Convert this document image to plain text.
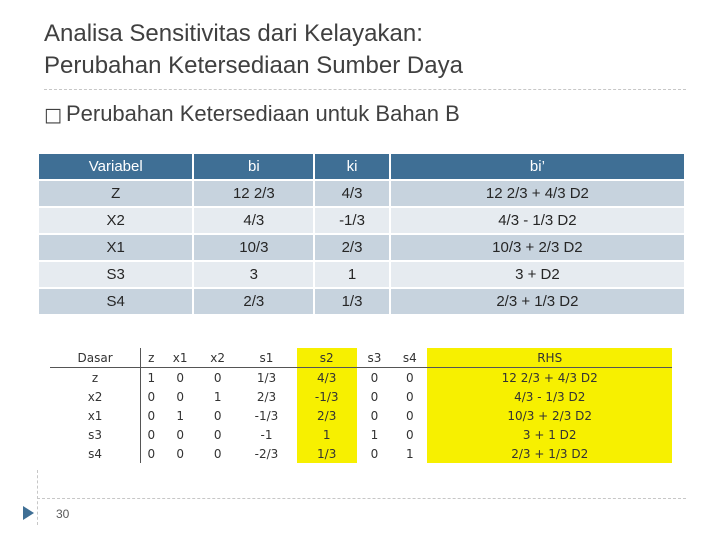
Analisa Sensitivitas dari Kelayakan:
Perubahan Ketersediaan Sumber Daya
□ Perubahan Ketersediaan untuk Bahan B
Variabel	bi	ki	bi’
Z	12 2/3	4/3	12 2/3 + 4/3 D2
X2	4/3	-1/3	4/3 - 1/3 D2
X1	10/3	2/3	10/3 + 2/3 D2
S3	3	1	3 + D2
S4	2/3	1/3	2/3 + 1/3 D2
Dasar	z	x1	x2	s1	s2	s3	s4	RHS
z	1	0	0	1/3	4/3	0	0	12 2/3 + 4/3 D2
x2	0	0	1	2/3	-1/3	0	0	4/3 - 1/3 D2
x1	0	1	0	-1/3	2/3	0	0	10/3 + 2/3 D2
s3	0	0	0	-1	1	1	0	3 + 1 D2
s4	0	0	0	-2/3	1/3	0	1	2/3 + 1/3 D2
30
